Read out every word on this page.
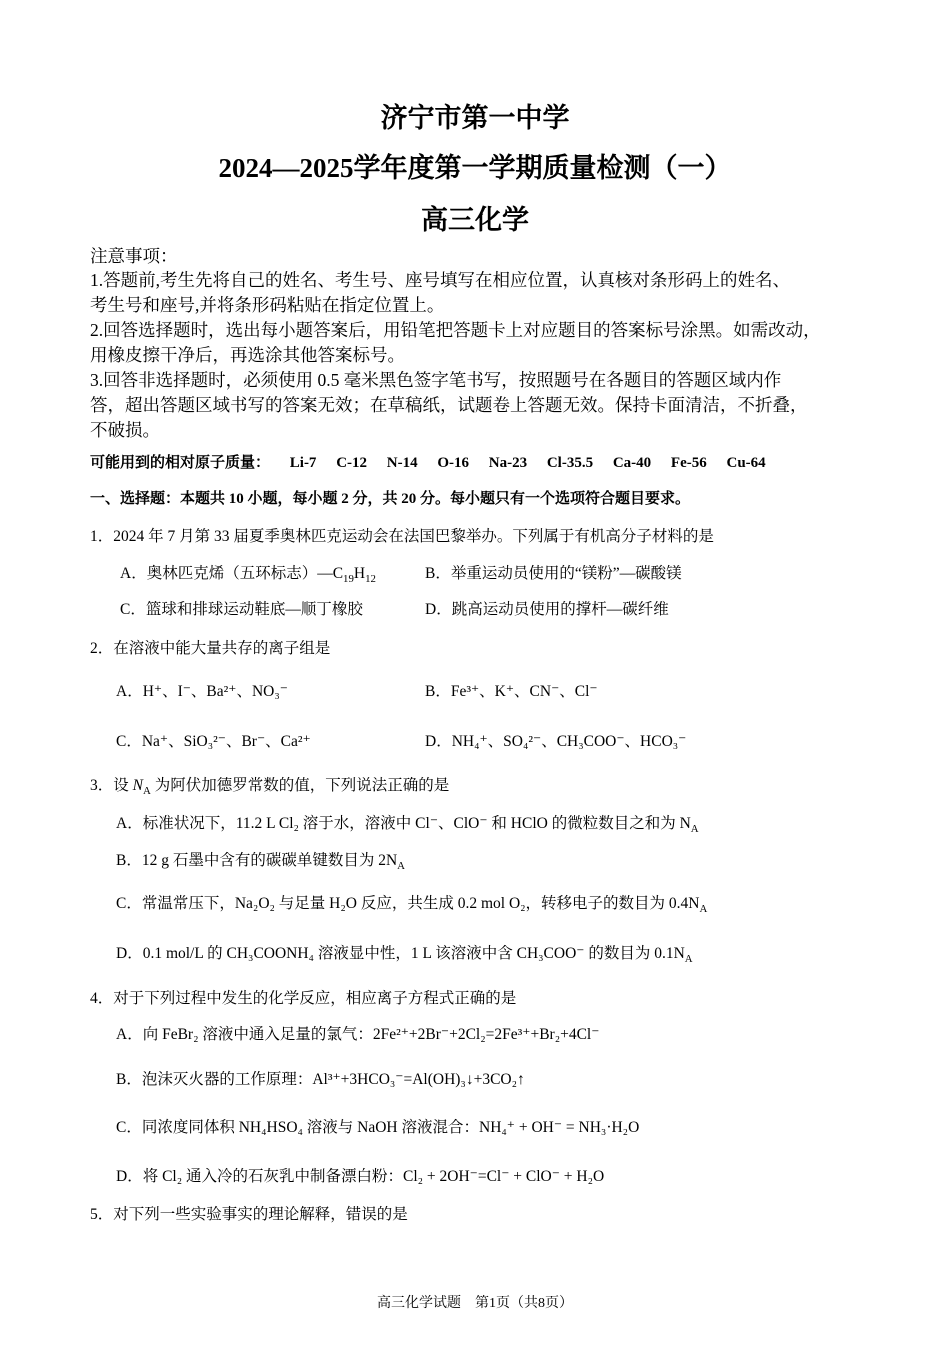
济宁市第一中学
2024—2025学年度第一学期质量检测（一）
高三化学
注意事项：
1.答题前,考生先将自己的姓名、考生号、座号填写在相应位置，认真核对条形码上的姓名、
考生号和座号,并将条形码粘贴在指定位置上。
2.回答选择题时，选出每小题答案后，用铅笔把答题卡上对应题目的答案标号涂黑。如需改动，
用橡皮擦干净后，再选涂其他答案标号。
3.回答非选择题时，必须使用 0.5 毫米黑色签字笔书写，按照题号在各题目的答题区域内作
答，超出答题区域书写的答案无效；在草稿纸，试题卷上答题无效。保持卡面清洁，不折叠，
不破损。
可能用到的相对原子质量： Li-7 C-12 N-14 O-16 Na-23 Cl-35.5 Ca-40 Fe-56 Cu-64
一、选择题：本题共 10 小题，每小题 2 分，共 20 分。每小题只有一个选项符合题目要求。
1．2024 年 7 月第 33 届夏季奥林匹克运动会在法国巴黎举办。下列属于有机高分子材料的是
A．奥林匹克烯（五环标志）$—C_{19}H_{12}$	B．举重运动员使用的“镁粉”—碳酸镁
C．篮球和排球运动鞋底—顺丁橡胶	D．跳高运动员使用的撑杆—碳纤维
2．在溶液中能大量共存的离子组是
A．H⁺、I⁻、Ba²⁺、NO₃⁻	B．Fe³⁺、K⁺、CN⁻、Cl⁻
C．Na⁺、SiO₃²⁻、Br⁻、Ca²⁺	D．NH₄⁺、SO₄²⁻、CH₃COO⁻、HCO₃⁻
3．设 $N_A$ 为阿伏加德罗常数的值，下列说法正确的是
A．标准状况下，11.2 L Cl₂ 溶于水，溶液中 Cl⁻、ClO⁻ 和 HClO 的微粒数目之和为 $N_A$
B．12 g 石墨中含有的碳碳单键数目为 $2N_A$
C．常温常压下，Na₂O₂ 与足量 H₂O 反应，共生成 0.2 mol O₂，转移电子的数目为 $0.4N_A$
D．0.1 mol/L 的 CH₃COONH₄ 溶液显中性，1 L 该溶液中含 CH₃COO⁻ 的数目为 $0.1N_A$
4．对于下列过程中发生的化学反应，相应离子方程式正确的是
A．向 FeBr₂ 溶液中通入足量的氯气：2Fe²⁺+2Br⁻+2Cl₂=2Fe³⁺+Br₂+4Cl⁻
B．泡沫灭火器的工作原理：Al³⁺+3HCO₃⁻=Al(OH)₃↓+3CO₂↑
C．同浓度同体积 NH₄HSO₄ 溶液与 NaOH 溶液混合：NH₄⁺ + OH⁻ = NH₃·H₂O
D．将 Cl₂ 通入冷的石灰乳中制备漂白粉：Cl₂ + 2OH⁻=Cl⁻ + ClO⁻ + H₂O
5．对下列一些实验事实的理论解释，错误的是
高三化学试题　第1页（共8页）
